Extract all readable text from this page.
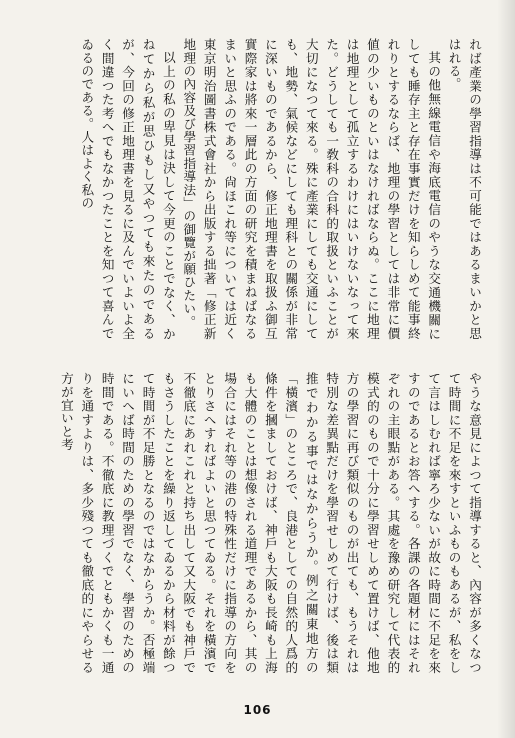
れば產業の學習指導は不可能ではあるまいかと思はれる。

其の他無線電信や海底電信のやうな交通機關にしても睡存主と存在事實だけを知らしめて能事終れりとするならば、地理の學習としては非常に價値の少いものといはなければならぬ。ここに地理は地理として孤立するわけにはいけないなって來た。どうしても一敎科の合科的取扱といふことが大切になつて來る。殊に產業にしても交通にしても、地勢、氣候などにしても理科との關係が非常に深いものであるから、修正地理書を取扱ふ御互實際家は將來一層此の方面の研究を積まねばなるまいと思ふのである。尙ほこれ等については近く東京明治圖書株式會社から出版する拙著「修正新地理の內容及び學習指導法」の御覽が願ひたい。

以上の私の卑見は決して今更のことでなく、かねてから私が思ひもし又やつても來たのであるが、今回の修正地理書を見るに及んでいよいよ全く間違つた考へでもなかつたことを知つて喜んでゐるのである。人はよく私の

やうな意見によつて指導すると、內容が多くなつて時間に不足を來すといふものもあるが、私をして言はしむれば寧ろ少ないが故に時間に不足を來すのであるとお答へする。各課の各題材にはそれぞれの主眼點がある。其處を豫め研究して代表的模式的のもので十分に學習せしめて置けば、他地方の學習に再び類似のものが出ても、もうそれは特別な差異點だけを學習せしめて行けば、後は類推でわかる事ではなからうか。例之關東地方の「橫濱」のところで、良港としての自然的人爲的條件を摑ましておけば、神戶も大阪も長崎も上海も大體のことは想像される道理であるから、其の場合にはそれ等の港の特殊性だけに指導の方向をとりさへすればよいと思つてゐる。それを橫濱で不徹底にあれこれと持ち出して又大阪でも神戶でもさうしたことを繰り返してゐるから材料が餘つて時間が不足勝となるのではなからうか。否極端にいへば時間のための學習でなく、學習のための時間である。不徹底に教理づくでともかくも一通りを通すよりは、多少殘つても徹底的にやらせる方が宜いと考

106
